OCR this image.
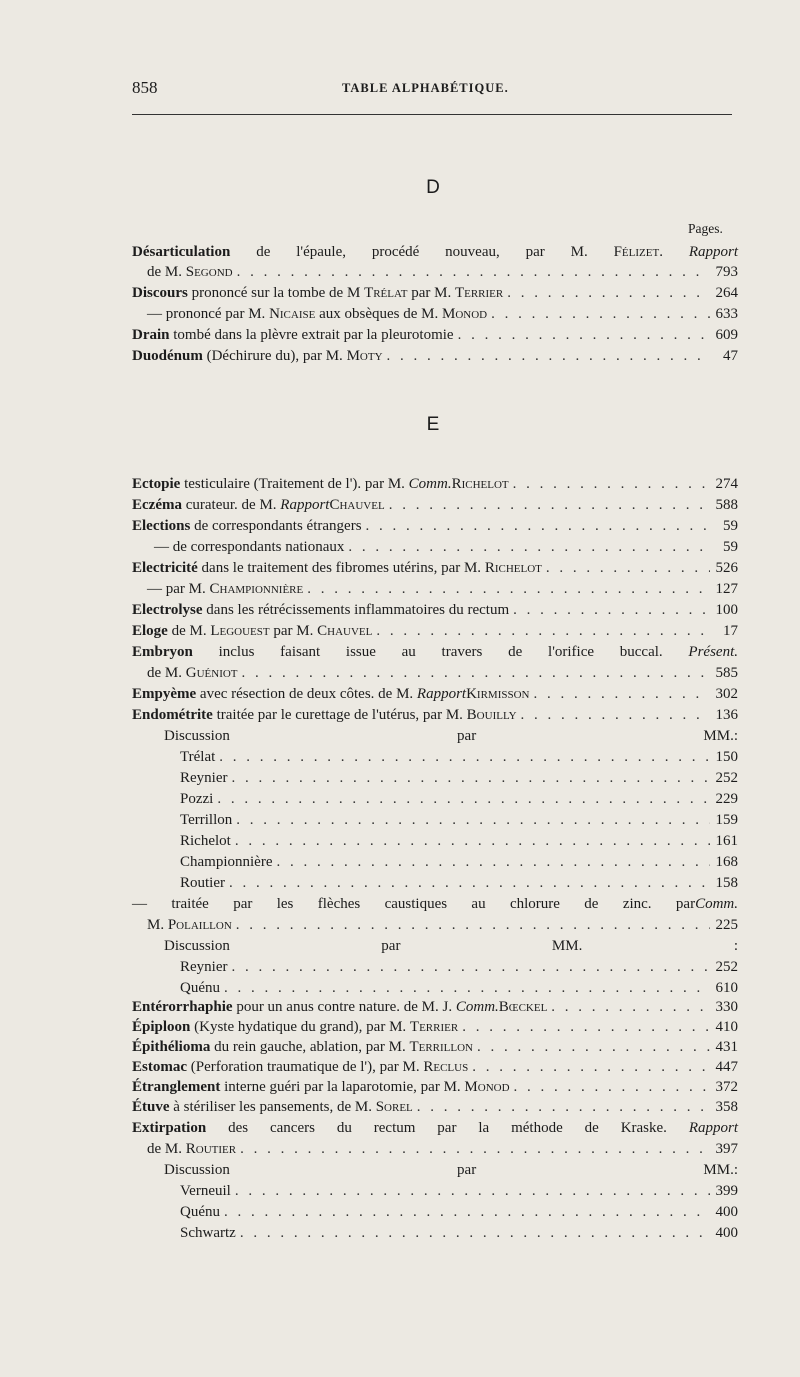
858	TABLE ALPHABÉTIQUE.
D
Pages.
E
Désarticulation de l'épaule, procédé nouveau, par M. Félizet. Rapport
de M. Segond . . .	793
Discours prononcé sur la tombe de M Trélat par M. Terrier . . .	264
— prononcé par M. Nicaise aux obsèques de M. Monod . . .	633
Drain tombé dans la plèvre extrait par la pleurotomie . . .	609
Duodénum (Déchirure du), par M. Moty . . .	47
Ectopie testiculaire (Traitement de l'). par M. Comm.Richelot . . .	274
Eczéma curateur. de M. RapportChauvel . . .	588
Elections de correspondants étrangers . . .	59
— de correspondants nationaux . . .	59
Electricité dans le traitement des fibromes utérins, par M. Richelot . . .	526
— par M. Championnière . . .	127
Electrolyse dans les rétrécissements inflammatoires du rectum . . .	100
Eloge de M. Legouest par M. Chauvel . . .	17
Embryon inclus faisant issue au travers de l'orifice buccal. Présent.
de M. Guéniot . . .	585
Empyème avec résection de deux côtes. de M. RapportKirmisson . . .	302
Endométrite traitée par le curettage de l'utérus, par M. Bouilly . . .	136
Discussion par MM.:
Trélat . . .	150
Reynier . . .	252
Pozzi . . .	229
Terrillon . . .	159
Richelot . . .	161
Championnière . . .	168
Routier . . .	158
— traitée par les flèches caustiques au chlorure de zinc. parComm.
M. Polaillon . . .	225
Discussion par MM. :
Reynier . . .	252
Quénu . . .	610
Entérorrhaphie pour un anus contre nature. de M. J. Comm.Bœckel . . .	330
Épiploon (Kyste hydatique du grand), par M. Terrier . . .	410
Épithélioma du rein gauche, ablation, par M. Terrillon . . .	431
Estomac (Perforation traumatique de l'), par M. Reclus . . .	447
Étranglement interne guéri par la laparotomie, par M. Monod . . .	372
Étuve à stériliser les pansements, de M. Sorel . . .	358
Extirpation des cancers du rectum par la méthode de Kraske. Rapport
de M. Routier . . .	397
Discussion par MM.:
Verneuil . . .	399
Quénu . . .	400
Schwartz . . .	400
